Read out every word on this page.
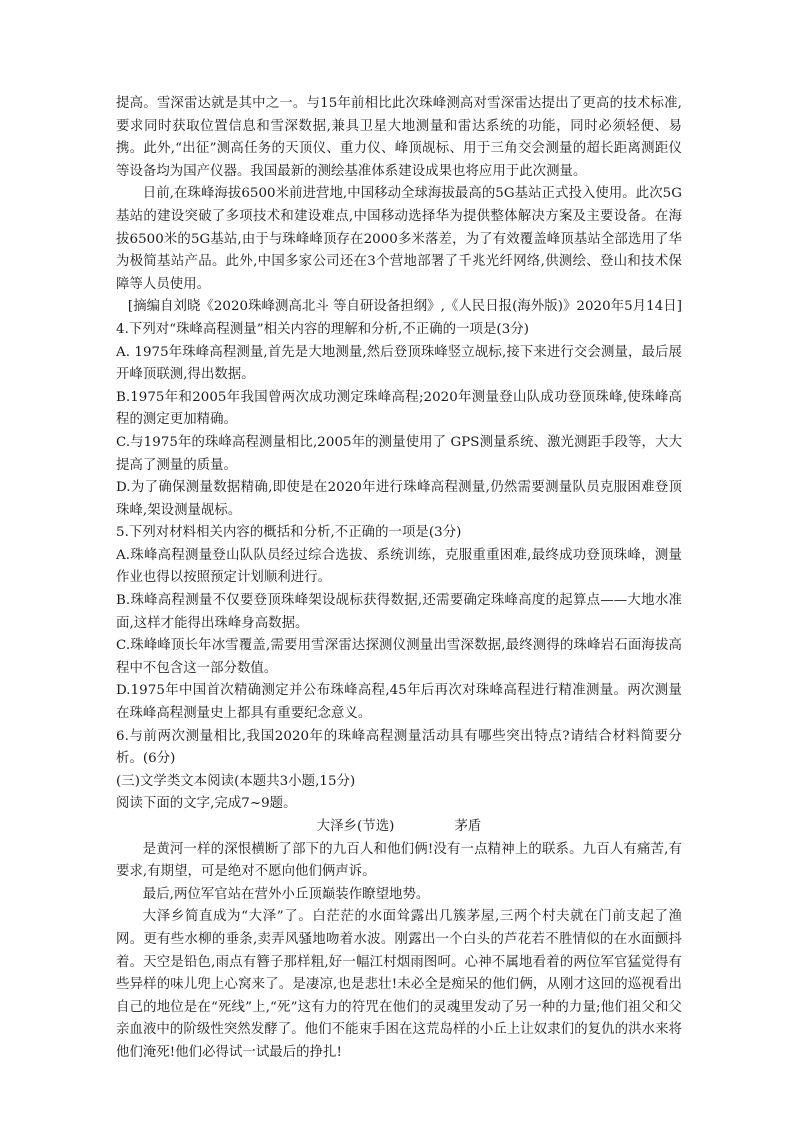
提高。雪深雷达就是其中之一。与15年前相比此次珠峰测高对雪深雷达提出了更高的技术标准,要求同时获取位置信息和雪深数据,兼具卫星大地测量和雷达系统的功能，同时必须轻便、易携。此外,“出征”测高任务的天顶仪、重力仪、峰顶觇标、用于三角交会测量的超长距离测距仪等设备均为国产仪器。我国最新的测绘基准体系建设成果也将应用于此次测量。

日前,在珠峰海拔6500米前进营地,中国移动全球海拔最高的5G基站正式投入使用。此次5G基站的建设突破了多项技术和建设难点,中国移动选择华为提供整体解决方案及主要设备。在海拔6500米的5G基站,由于与珠峰峰顶存在2000多米落差，为了有效覆盖峰顶基站全部选用了华为极简基站产品。此外,中国多家公司还在3个营地部署了千兆光纤网络,供测绘、登山和技术保障等人员使用。

[摘编自刘晓《2020珠峰测高北斗 等自研设备担纲》,《人民日报(海外版)》2020年5月14日]

4.下列对“珠峰高程测量”相关内容的理解和分析,不正确的一项是(3分)

A. 1975年珠峰高程测量,首先是大地测量,然后登顶珠峰竖立觇标,接下来进行交会测量，最后展开峰顶联测,得出数据。

B.1975年和2005年我国曾两次成功测定珠峰高程;2020年测量登山队成功登顶珠峰,使珠峰高程的测定更加精确。

C.与1975年的珠峰高程测量相比,2005年的测量使用了 GPS测量系统、激光测距手段等，大大提高了测量的质量。

D.为了确保测量数据精确,即使是在2020年进行珠峰高程测量,仍然需要测量队员克服困难登顶珠峰,架设测量觇标。

5.下列对材料相关内容的概括和分析,不正确的一项是(3分)

A.珠峰高程测量登山队队员经过综合选拔、系统训练，克服重重困难,最终成功登顶珠峰，测量作业也得以按照预定计划顺利进行。

B.珠峰高程测量不仅要登顶珠峰架设觇标获得数据,还需要确定珠峰高度的起算点——大地水准面,这样才能得出珠峰身高数据。

C.珠峰峰顶长年冰雪覆盖,需要用雪深雷达探测仪测量出雪深数据,最终测得的珠峰岩石面海拔高程中不包含这一部分数值。

D.1975年中国首次精确测定并公布珠峰高程,45年后再次对珠峰高程进行精准测量。两次测量在珠峰高程测量史上都具有重要纪念意义。

6.与前两次测量相比,我国2020年的珠峰高程测量活动具有哪些突出特点?请结合材料简要分析。(6分)

(三)文学类文本阅读(本题共3小题,15分)

阅读下面的文字,完成7~9题。

大泽乡(节选)	茅盾

是黄河一样的深恨横断了部下的九百人和他们俩!没有一点精神上的联系。九百人有痛苦,有要求,有期望，可是绝对不愿向他们俩声诉。

最后,两位军官站在营外小丘顶巅装作瞭望地势。

大泽乡简直成为“大泽”了。白茫茫的水面耸露出几簇茅屋,三两个村夫就在门前支起了渔网。更有些水柳的垂条,卖弄风骚地吻着水波。刚露出一个白头的芦花若不胜情似的在水面颤抖着。天空是铅色,雨点有簪子那样粗,好一幅江村烟雨图呵。心神不属地看着的两位军官猛觉得有些异样的味儿兜上心窝来了。是凄凉,也是悲壮!未必全是痴呆的他们俩，从刚才这回的巡视看出自己的地位是在“死线”上,“死”这有力的符咒在他们的灵魂里发动了另一种的力量;他们祖父和父亲血液中的阶级性突然发酵了。他们不能束手困在这荒岛样的小丘上让奴隶们的复仇的洪水来将他们淹死!他们必得试一试最后的挣扎!
